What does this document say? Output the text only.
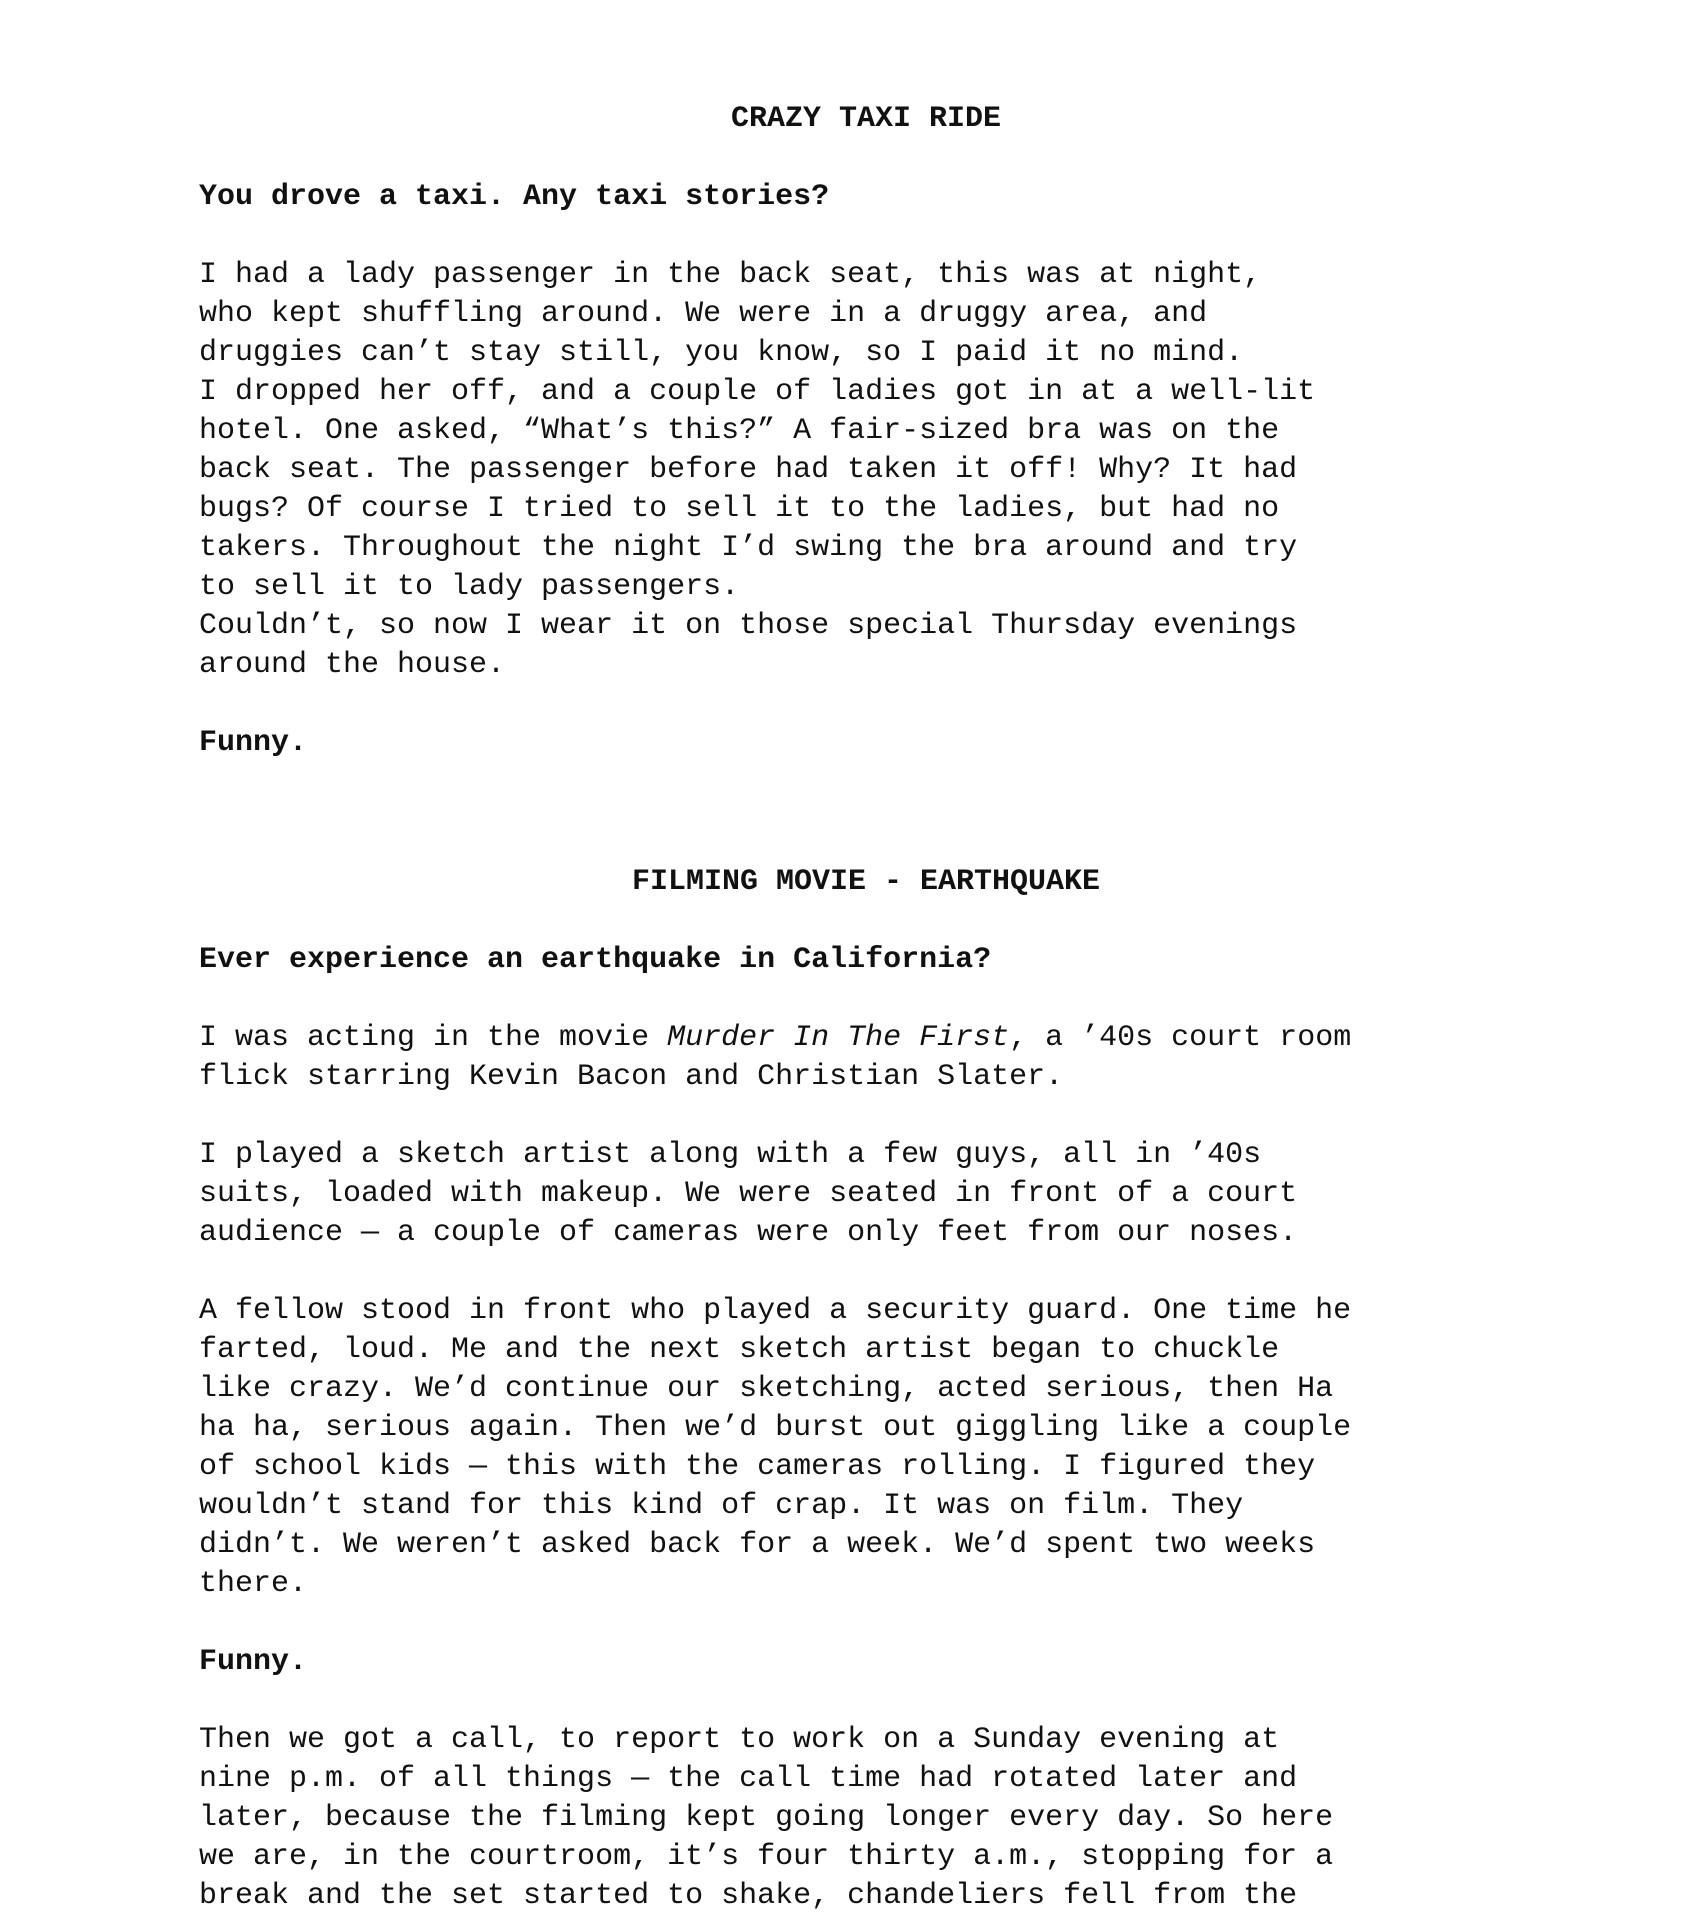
CRAZY TAXI RIDE

You drove a taxi. Any taxi stories?

I had a lady passenger in the back seat, this was at night,

who kept shuffling around. We were in a druggy area, and

druggies can’t stay still, you know, so I paid it no mind.

I dropped her off, and a couple of ladies got in at a well-lit

hotel. One asked, “What’s this?” A fair-sized bra was on the

back seat. The passenger before had taken it off! Why? It had

bugs? Of course I tried to sell it to the ladies, but had no

takers. Throughout the night I’d swing the bra around and try

to sell it to lady passengers.

Couldn’t, so now I wear it on those special Thursday evenings

around the house.

Funny.

FILMING MOVIE - EARTHQUAKE

Ever experience an earthquake in California?

I was acting in the movie Murder In The First, a ’40s court room

flick starring Kevin Bacon and Christian Slater.

I played a sketch artist along with a few guys, all in ’40s

suits, loaded with makeup. We were seated in front of a court

audience — a couple of cameras were only feet from our noses.

A fellow stood in front who played a security guard. One time he

farted, loud. Me and the next sketch artist began to chuckle

like crazy. We’d continue our sketching, acted serious, then Ha

ha ha, serious again. Then we’d burst out giggling like a couple

of school kids — this with the cameras rolling. I figured they

wouldn’t stand for this kind of crap. It was on film. They

didn’t. We weren’t asked back for a week. We’d spent two weeks

there.

Funny.

Then we got a call, to report to work on a Sunday evening at

nine p.m. of all things — the call time had rotated later and

later, because the filming kept going longer every day. So here

we are, in the courtroom, it’s four thirty a.m., stopping for a

break and the set started to shake, chandeliers fell from the
